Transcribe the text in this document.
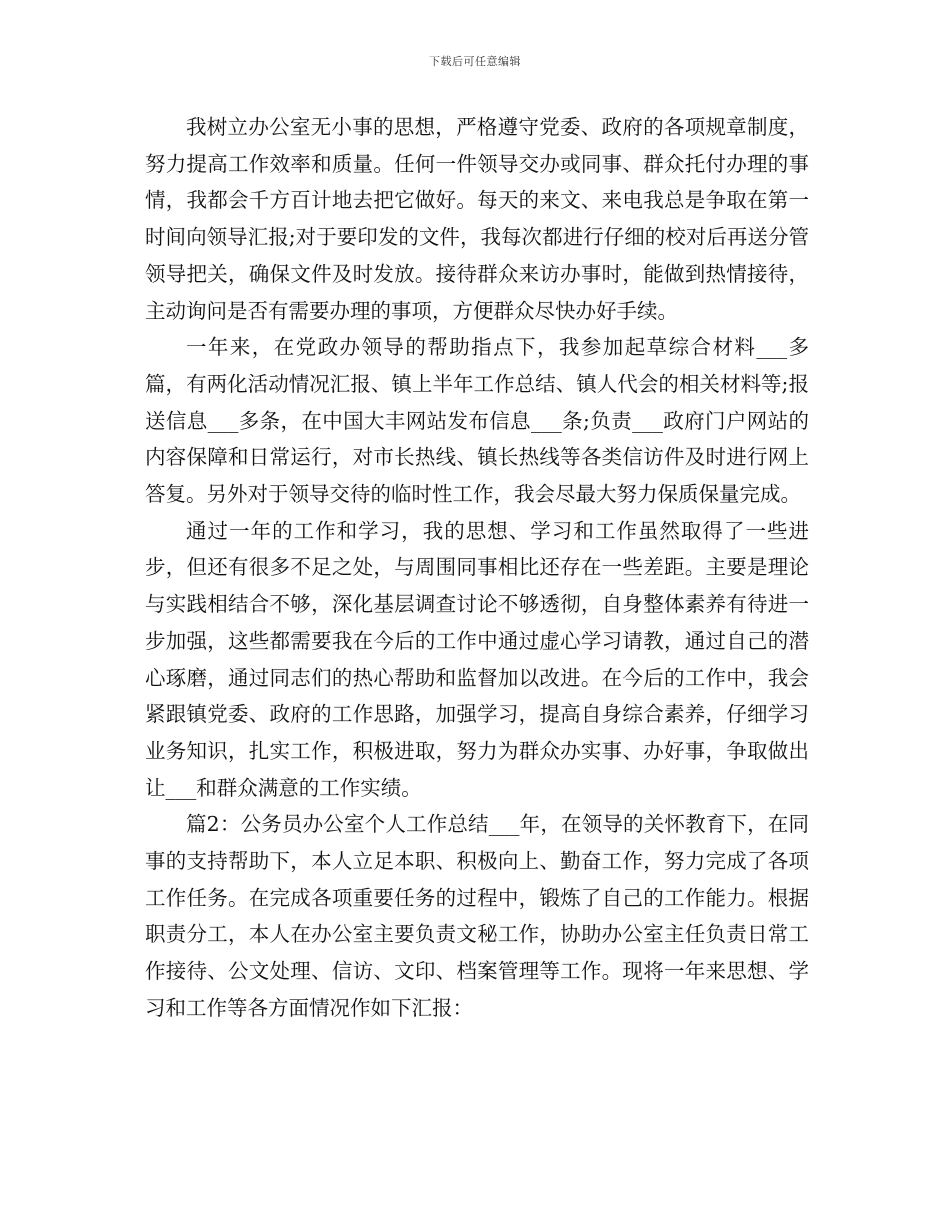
下载后可任意编辑

我树立办公室无小事的思想，严格遵守党委、政府的各项规章制度，努力提高工作效率和质量。任何一件领导交办或同事、群众托付办理的事情，我都会千方百计地去把它做好。每天的来文、来电我总是争取在第一时间向领导汇报;对于要印发的文件，我每次都进行仔细的校对后再送分管领导把关，确保文件及时发放。接待群众来访办事时，能做到热情接待，主动询问是否有需要办理的事项，方便群众尽快办好手续。

一年来，在党政办领导的帮助指点下，我参加起草综合材料___多篇，有两化活动情况汇报、镇上半年工作总结、镇人代会的相关材料等;报送信息___多条，在中国大丰网站发布信息___条;负责___政府门户网站的内容保障和日常运行，对市长热线、镇长热线等各类信访件及时进行网上答复。另外对于领导交待的临时性工作，我会尽最大努力保质保量完成。

通过一年的工作和学习，我的思想、学习和工作虽然取得了一些进步，但还有很多不足之处，与周围同事相比还存在一些差距。主要是理论与实践相结合不够，深化基层调查讨论不够透彻，自身整体素养有待进一步加强，这些都需要我在今后的工作中通过虚心学习请教，通过自己的潜心琢磨，通过同志们的热心帮助和监督加以改进。在今后的工作中，我会紧跟镇党委、政府的工作思路，加强学习，提高自身综合素养，仔细学习业务知识，扎实工作，积极进取，努力为群众办实事、办好事，争取做出让___和群众满意的工作实绩。

篇2：公务员办公室个人工作总结___年，在领导的关怀教育下，在同事的支持帮助下，本人立足本职、积极向上、勤奋工作，努力完成了各项工作任务。在完成各项重要任务的过程中，锻炼了自己的工作能力。根据职责分工，本人在办公室主要负责文秘工作，协助办公室主任负责日常工作接待、公文处理、信访、文印、档案管理等工作。现将一年来思想、学习和工作等各方面情况作如下汇报：
